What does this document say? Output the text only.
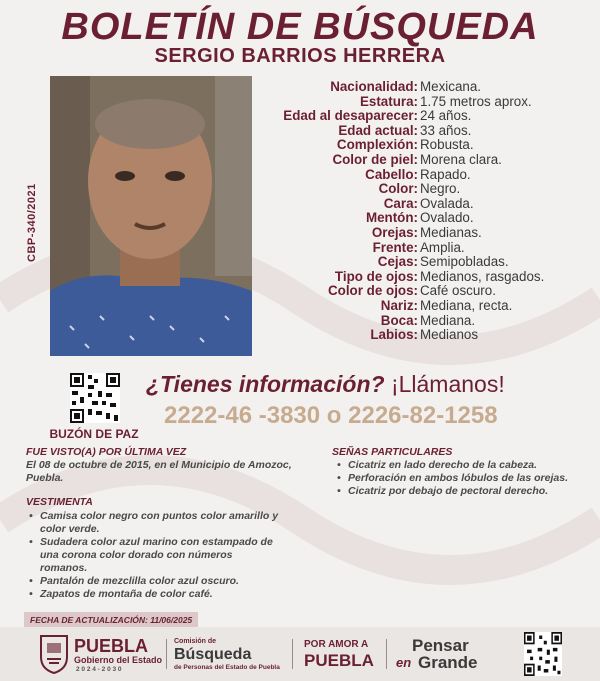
BOLETÍN DE BÚSQUEDA
SERGIO BARRIOS HERRERA
CBP-340/2021
Nacionalidad: Mexicana.
Estatura: 1.75 metros aprox.
Edad al desaparecer: 24 años.
Edad actual: 33 años.
Complexión: Robusta.
Color de piel: Morena clara.
Cabello: Rapado.
Color: Negro.
Cara: Ovalada.
Mentón: Ovalado.
Orejas: Medianas.
Frente: Amplia.
Cejas: Semipobladas.
Tipo de ojos: Medianos, rasgados.
Color de ojos: Café oscuro.
Nariz: Mediana, recta.
Boca: Mediana.
Labios: Medianos
BUZÓN DE PAZ
¿Tienes información? ¡Llámanos!
2222-46 -3830 o 2226-82-1258
FUE VISTO(A) POR ÚLTIMA VEZ
El 08 de octubre de 2015, en el Municipio de Amozoc, Puebla.
VESTIMENTA
• Camisa color negro con puntos color amarillo y color verde.
• Sudadera color azul marino con estampado de una corona color dorado con números romanos.
• Pantalón de mezclilla color azul oscuro.
• Zapatos de montaña de color café.
SEÑAS PARTICULARES
• Cicatriz en lado derecho de la cabeza.
• Perforación en ambos lóbulos de las orejas.
• Cicatriz por debajo de pectoral derecho.
FECHA DE ACTUALIZACIÓN: 11/06/2025
PUEBLA
Gobierno del Estado
2 0 2 4 - 2 0 3 0
Comisión de
Búsqueda
de Personas del Estado de Puebla
POR AMOR A
PUEBLA
Pensar
en Grande
